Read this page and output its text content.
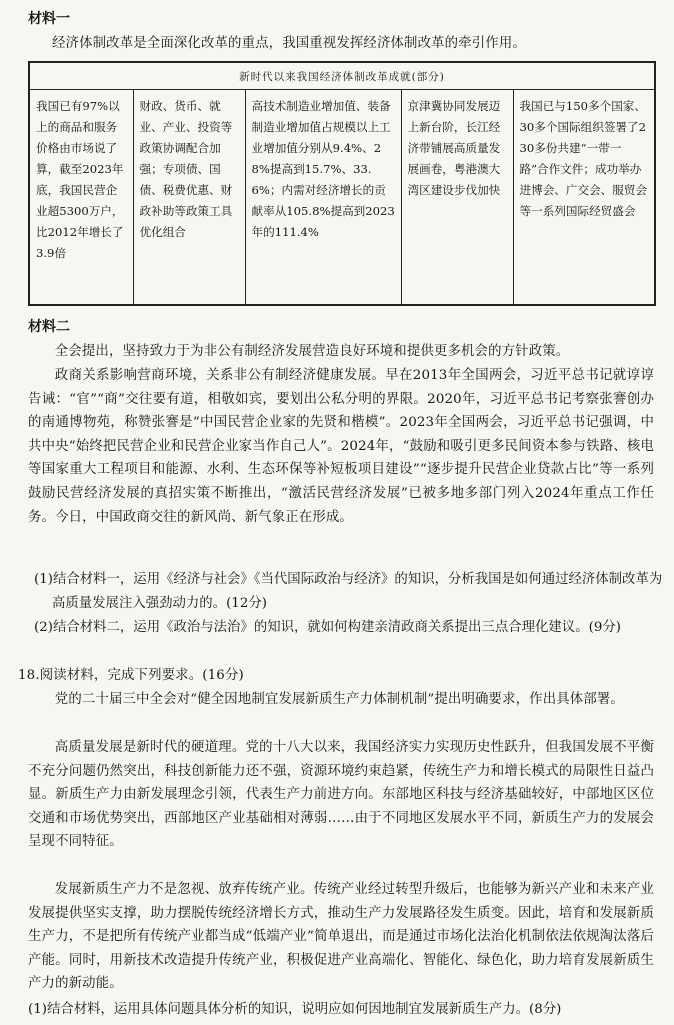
材料一
经济体制改革是全面深化改革的重点，我国重视发挥经济体制改革的牵引作用。
新时代以来我国经济体制改革成就(部分)
我国已有97%以上的商品和服务价格由市场说了算，截至2023年底，我国民营企业超5300万户，比2012年增长了3.9倍	财政、货币、就业、产业、投资等政策协调配合加强；专项债、国债、税费优惠、财政补助等政策工具优化组合	高技术制造业增加值、装备制造业增加值占规模以上工业增加值分别从9.4%、28%提高到15.7%、33.6%；内需对经济增长的贡献率从105.8%提高到2023年的111.4%	京津冀协同发展迈上新台阶，长江经济带铺展高质量发展画卷，粤港澳大湾区建设步伐加快	我国已与150多个国家、30多个国际组织签署了230多份共建“一带一路”合作文件；成功举办进博会、广交会、服贸会等一系列国际经贸盛会
材料二
全会提出，坚持致力于为非公有制经济发展营造良好环境和提供更多机会的方针政策。
政商关系影响营商环境，关系非公有制经济健康发展。早在2013年全国两会，习近平总书记就谆谆告诫：“官”“商”交往要有道，相敬如宾，要划出公私分明的界限。2020年，习近平总书记考察张謇创办的南通博物苑，称赞张謇是“中国民营企业家的先贤和楷模”。2023年全国两会，习近平总书记强调，中共中央“始终把民营企业和民营企业家当作自己人”。2024年，“鼓励和吸引更多民间资本参与铁路、核电等国家重大工程项目和能源、水利、生态环保等补短板项目建设”“逐步提升民营企业贷款占比”等一系列鼓励民营经济发展的真招实策不断推出，“激活民营经济发展”已被多地多部门列入2024年重点工作任务。今日，中国政商交往的新风尚、新气象正在形成。
(1)结合材料一，运用《经济与社会》《当代国际政治与经济》的知识，分析我国是如何通过经济体制改革为高质量发展注入强劲动力的。(12分)
(2)结合材料二，运用《政治与法治》的知识，就如何构建亲清政商关系提出三点合理化建议。(9分)
18.阅读材料，完成下列要求。(16分)
党的二十届三中全会对“健全因地制宜发展新质生产力体制机制”提出明确要求，作出具体部署。
高质量发展是新时代的硬道理。党的十八大以来，我国经济实力实现历史性跃升，但我国发展不平衡不充分问题仍然突出，科技创新能力还不强，资源环境约束趋紧，传统生产力和增长模式的局限性日益凸显。新质生产力由新发展理念引领，代表生产力前进方向。东部地区科技与经济基础较好，中部地区区位交通和市场优势突出，西部地区产业基础相对薄弱……由于不同地区发展水平不同，新质生产力的发展会呈现不同特征。
发展新质生产力不是忽视、放弃传统产业。传统产业经过转型升级后，也能够为新兴产业和未来产业发展提供坚实支撑，助力摆脱传统经济增长方式，推动生产力发展路径发生质变。因此，培育和发展新质生产力，不是把所有传统产业都当成“低端产业”简单退出，而是通过市场化法治化机制依法依规淘汰落后产能。同时，用新技术改造提升传统产业，积极促进产业高端化、智能化、绿色化，助力培育发展新质生产力的新动能。
(1)结合材料，运用具体问题具体分析的知识，说明应如何因地制宜发展新质生产力。(8分)
